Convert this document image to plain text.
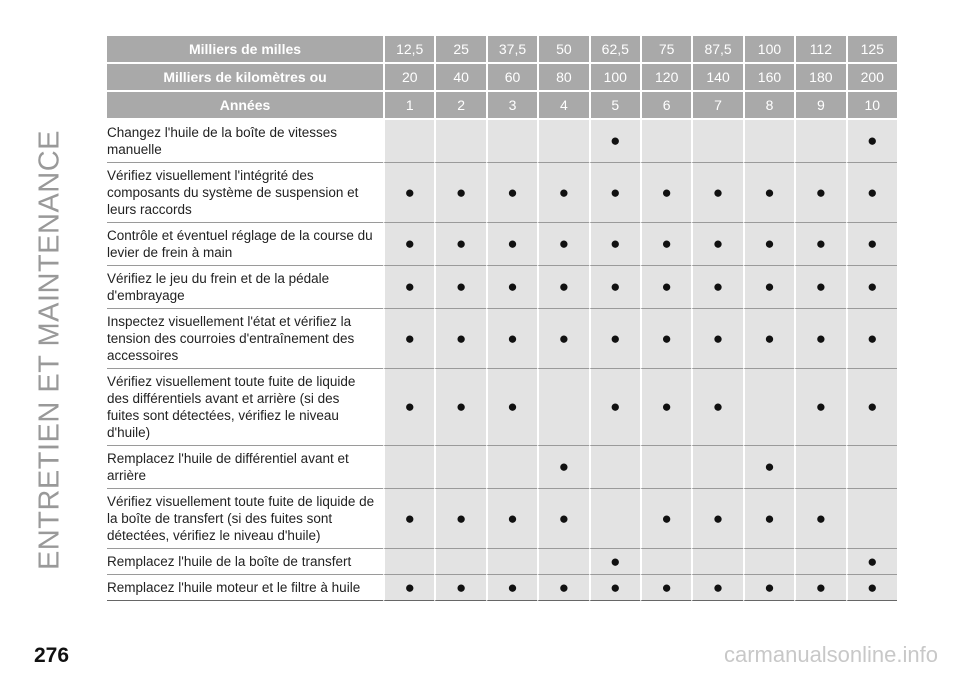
ENTRETIEN ET MAINTENANCE
Milliers de milles	12,5	25	37,5	50	62,5	75	87,5	100	112	125
Milliers de kilomètres ou	20	40	60	80	100	120	140	160	180	200
Années	1	2	3	4	5	6	7	8	9	10
Changez l'huile de la boîte de vitesses manuelle					●					●
Vérifiez visuellement l'intégrité des composants du système de suspension et leurs raccords	●	●	●	●	●	●	●	●	●	●
Contrôle et éventuel réglage de la course du levier de frein à main	●	●	●	●	●	●	●	●	●	●
Vérifiez le jeu du frein et de la pédale d'embrayage	●	●	●	●	●	●	●	●	●	●
Inspectez visuellement l'état et vérifiez la tension des courroies d'entraînement des accessoires	●	●	●	●	●	●	●	●	●	●
Vérifiez visuellement toute fuite de liquide des différentiels avant et arrière (si des fuites sont détectées, vérifiez le niveau d'huile)	●	●	●		●	●	●		●	●
Remplacez l'huile de différentiel avant et arrière				●				●		
Vérifiez visuellement toute fuite de liquide de la boîte de transfert (si des fuites sont détectées, vérifiez le niveau d'huile)	●	●	●	●		●	●	●	●	
Remplacez l'huile de la boîte de transfert					●					●
Remplacez l'huile moteur et le filtre à huile	●	●	●	●	●	●	●	●	●	●
276	carmanualsonline.info
